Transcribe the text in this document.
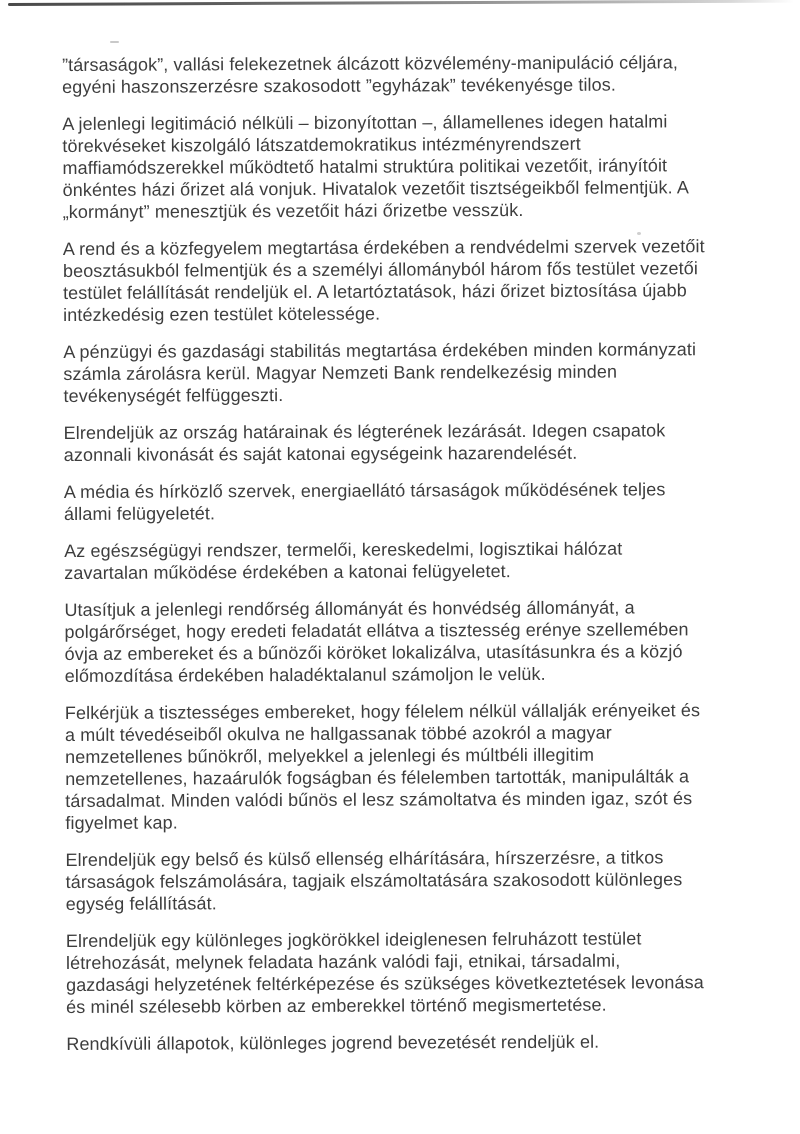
”társaságok”, vallási felekezetnek álcázott közvélemény-manipuláció céljára,
egyéni haszonszerzésre szakosodott ”egyházak” tevékenyésge tilos.

A jelenlegi legitimáció nélküli – bizonyítottan –, államellenes idegen hatalmi
törekvéseket kiszolgáló látszatdemokratikus intézményrendszert
maffiamódszerekkel működtető hatalmi struktúra politikai vezetőit, irányítóit
önkéntes házi őrizet alá vonjuk. Hivatalok vezetőit tisztségeikből felmentjük. A
„kormányt” menesztjük és vezetőit házi őrizetbe vesszük.

A rend és a közfegyelem megtartása érdekében a rendvédelmi szervek vezetőit
beosztásukból felmentjük és a személyi állományból három fős testület vezetői
testület felállítását rendeljük el. A letartóztatások, házi őrizet biztosítása újabb
intézkedésig ezen testület kötelessége.

A pénzügyi és gazdasági stabilitás megtartása érdekében minden kormányzati
számla zárolásra kerül. Magyar Nemzeti Bank rendelkezésig minden
tevékenységét felfüggeszti.

Elrendeljük az ország határainak és légterének lezárását. Idegen csapatok
azonnali kivonását és saját katonai egységeink hazarendelését.

A média és hírközlő szervek, energiaellátó társaságok működésének teljes
állami felügyeletét.

Az egészségügyi rendszer, termelői, kereskedelmi, logisztikai hálózat
zavartalan működése érdekében a katonai felügyeletet.

Utasítjuk a jelenlegi rendőrség állományát és honvédség állományát, a
polgárőrséget, hogy eredeti feladatát ellátva a tisztesség erénye szellemében
óvja az embereket és a bűnözői köröket lokalizálva, utasításunkra és a közjó
előmozdítása érdekében haladéktalanul számoljon le velük.

Felkérjük a tisztességes embereket, hogy félelem nélkül vállalják erényeiket és
a múlt tévedéseiből okulva ne hallgassanak többé azokról a magyar
nemzetellenes bűnökről, melyekkel a jelenlegi és múltbéli illegitim
nemzetellenes, hazaárulók fogságban és félelemben tartották, manipulálták a
társadalmat. Minden valódi bűnös el lesz számoltatva és minden igaz, szót és
figyelmet kap.

Elrendeljük egy belső és külső ellenség elhárítására, hírszerzésre, a titkos
társaságok felszámolására, tagjaik elszámoltatására szakosodott különleges
egység felállítását.

Elrendeljük egy különleges jogkörökkel ideiglenesen felruházott testület
létrehozását, melynek feladata hazánk valódi faji, etnikai, társadalmi,
gazdasági helyzetének feltérképezése és szükséges következtetések levonása
és minél szélesebb körben az emberekkel történő megismertetése.

Rendkívüli állapotok, különleges jogrend bevezetését rendeljük el.
